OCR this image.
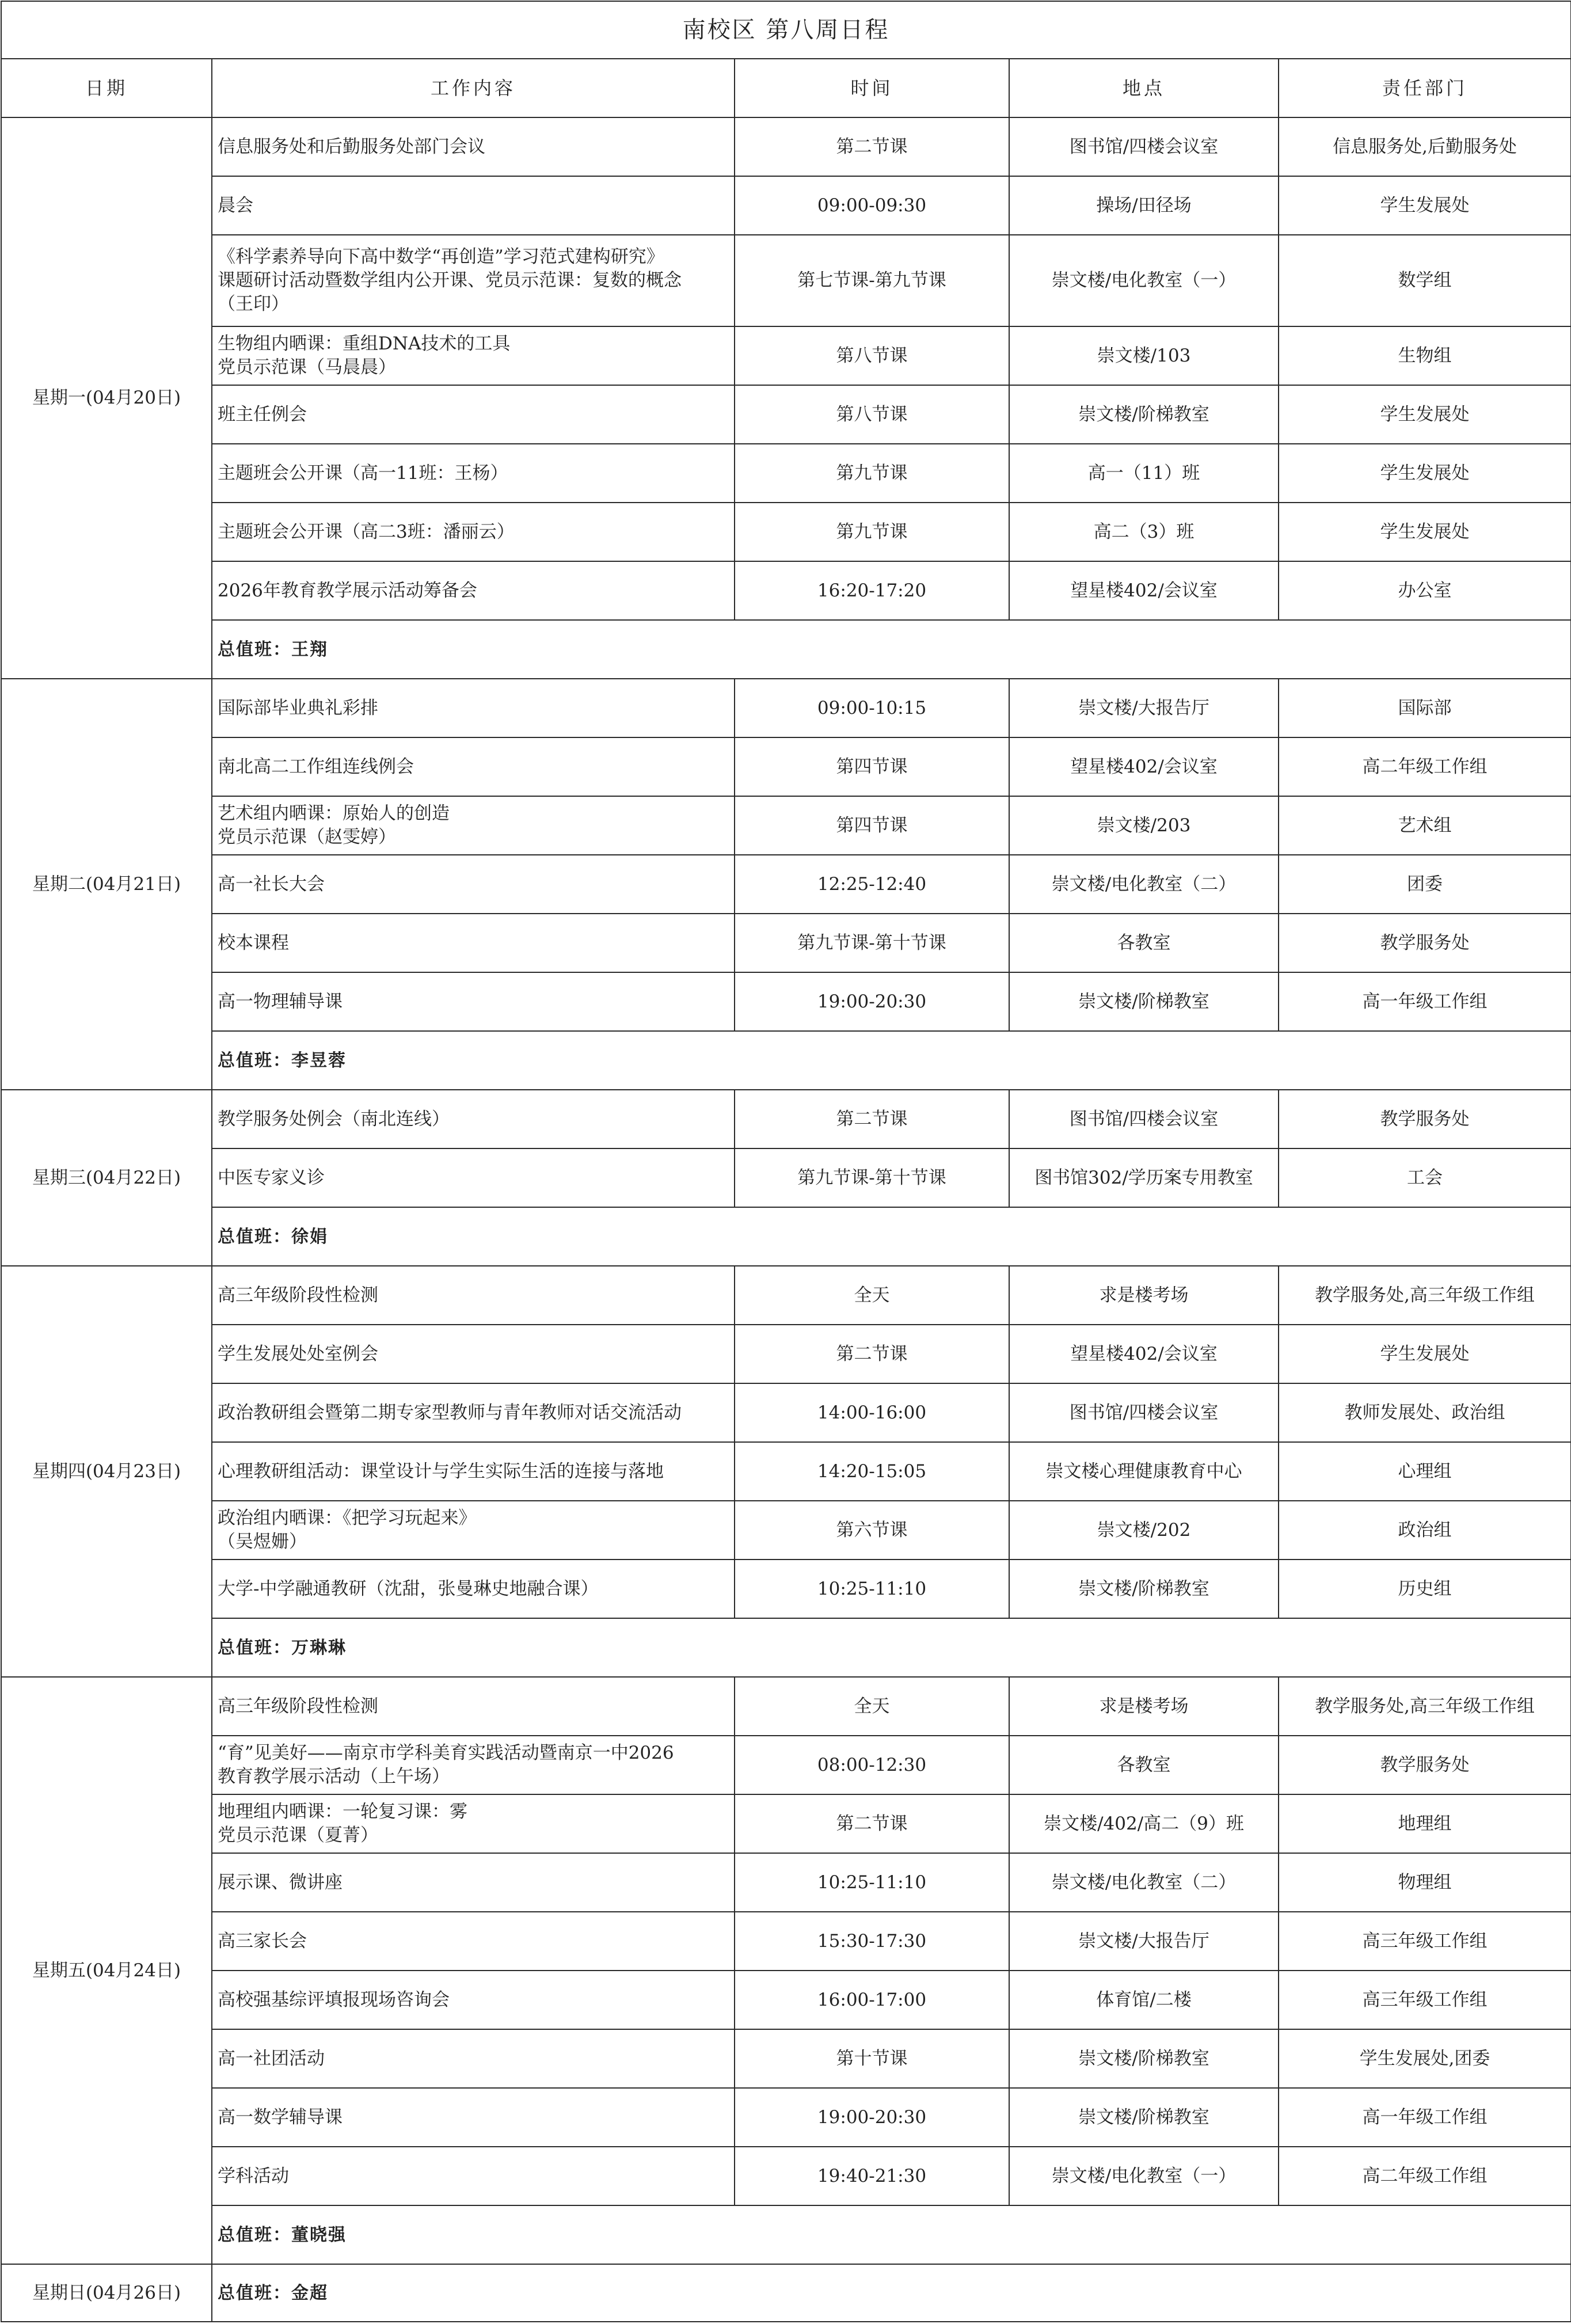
南校区 第八周日程				
日期	工作内容	时间	地点	责任部门
星期一(04月20日)	信息服务处和后勤服务处部门会议	第二节课	图书馆/四楼会议室	信息服务处,后勤服务处
	晨会	09:00-09:30	操场/田径场	学生发展处
	《科学素养导向下高中数学“再创造”学习范式建构研究》
课题研讨活动暨数学组内公开课、党员示范课：复数的概念
（王印）	第七节课-第九节课	崇文楼/电化教室（一）	数学组
	生物组内晒课：重组DNA技术的工具
党员示范课（马晨晨）	第八节课	崇文楼/103	生物组
	班主任例会	第八节课	崇文楼/阶梯教室	学生发展处
	主题班会公开课（高一11班：王杨）	第九节课	高一（11）班	学生发展处
	主题班会公开课（高二3班：潘丽云）	第九节课	高二（3）班	学生发展处
	2026年教育教学展示活动筹备会	16:20-17:20	望星楼402/会议室	办公室
	总值班：王翔			
星期二(04月21日)	国际部毕业典礼彩排	09:00-10:15	崇文楼/大报告厅	国际部
	南北高二工作组连线例会	第四节课	望星楼402/会议室	高二年级工作组
	艺术组内晒课：原始人的创造
党员示范课（赵雯婷）	第四节课	崇文楼/203	艺术组
	高一社长大会	12:25-12:40	崇文楼/电化教室（二）	团委
	校本课程	第九节课-第十节课	各教室	教学服务处
	高一物理辅导课	19:00-20:30	崇文楼/阶梯教室	高一年级工作组
	总值班：李昱蓉			
星期三(04月22日)	教学服务处例会（南北连线）	第二节课	图书馆/四楼会议室	教学服务处
	中医专家义诊	第九节课-第十节课	图书馆302/学历案专用教室	工会
	总值班：徐娟			
星期四(04月23日)	高三年级阶段性检测	全天	求是楼考场	教学服务处,高三年级工作组
	学生发展处处室例会	第二节课	望星楼402/会议室	学生发展处
	政治教研组会暨第二期专家型教师与青年教师对话交流活动	14:00-16:00	图书馆/四楼会议室	教师发展处、政治组
	心理教研组活动：课堂设计与学生实际生活的连接与落地	14:20-15:05	崇文楼心理健康教育中心	心理组
	政治组内晒课：《把学习玩起来》
（吴煜姗）	第六节课	崇文楼/202	政治组
	大学-中学融通教研（沈甜，张曼琳史地融合课）	10:25-11:10	崇文楼/阶梯教室	历史组
	总值班：万琳琳			
星期五(04月24日)	高三年级阶段性检测	全天	求是楼考场	教学服务处,高三年级工作组
	“育”见美好——南京市学科美育实践活动暨南京一中2026
教育教学展示活动（上午场）	08:00-12:30	各教室	教学服务处
	地理组内晒课：一轮复习课：雾
党员示范课（夏菁）	第二节课	崇文楼/402/高二（9）班	地理组
	展示课、微讲座	10:25-11:10	崇文楼/电化教室（二）	物理组
	高三家长会	15:30-17:30	崇文楼/大报告厅	高三年级工作组
	高校强基综评填报现场咨询会	16:00-17:00	体育馆/二楼	高三年级工作组
	高一社团活动	第十节课	崇文楼/阶梯教室	学生发展处,团委
	高一数学辅导课	19:00-20:30	崇文楼/阶梯教室	高一年级工作组
	学科活动	19:40-21:30	崇文楼/电化教室（一）	高二年级工作组
	总值班：董晓强			
星期日(04月26日)	总值班：金超			
